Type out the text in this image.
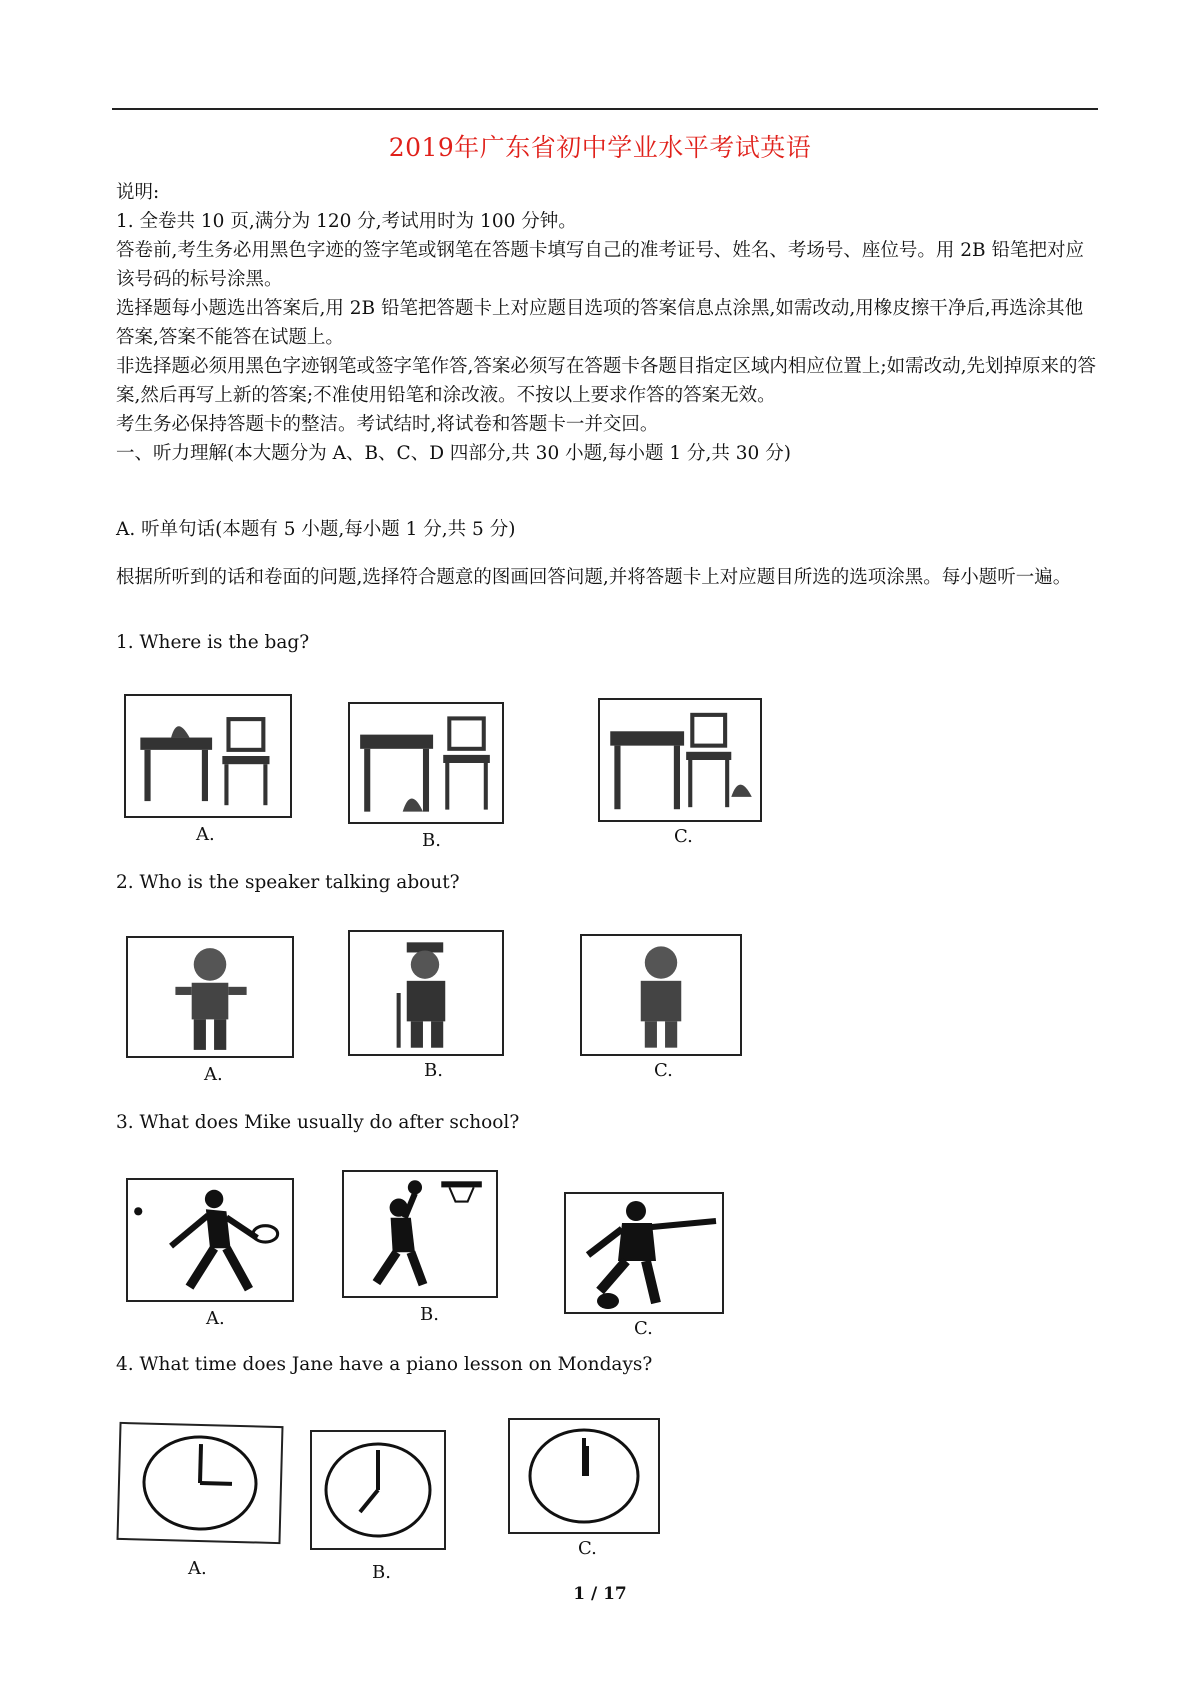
2019年广东省初中学业水平考试英语
说明:
1. 全卷共 10 页,满分为 120 分,考试用时为 100 分钟。
答卷前,考生务必用黑色字迹的签字笔或钢笔在答题卡填写自己的准考证号、姓名、考场号、座位号。用 2B 铅笔把对应该号码的标号涂黑。
选择题每小题选出答案后,用 2B 铅笔把答题卡上对应题目选项的答案信息点涂黑,如需改动,用橡皮擦干净后,再选涂其他答案,答案不能答在试题上。
非选择题必须用黑色字迹钢笔或签字笔作答,答案必须写在答题卡各题目指定区域内相应位置上;如需改动,先划掉原来的答案,然后再写上新的答案;不准使用铅笔和涂改液。不按以上要求作答的答案无效。
考生务必保持答题卡的整洁。考试结时,将试卷和答题卡一并交回。
一、听力理解(本大题分为 A、B、C、D 四部分,共 30 小题,每小题 1 分,共 30 分)
A. 听单句话(本题有 5 小题,每小题 1 分,共 5 分)
根据所听到的话和卷面的问题,选择符合题意的图画回答问题,并将答题卡上对应题目所选的选项涂黑。每小题听一遍。
1. Where is the bag?
A.	B.	C.
2. Who is the speaker talking about?
A.	B.	C.
3. What does Mike usually do after school?
A.	B.
C.
4. What time does Jane have a piano lesson on Mondays?
A.	B.
C.
1 / 17
